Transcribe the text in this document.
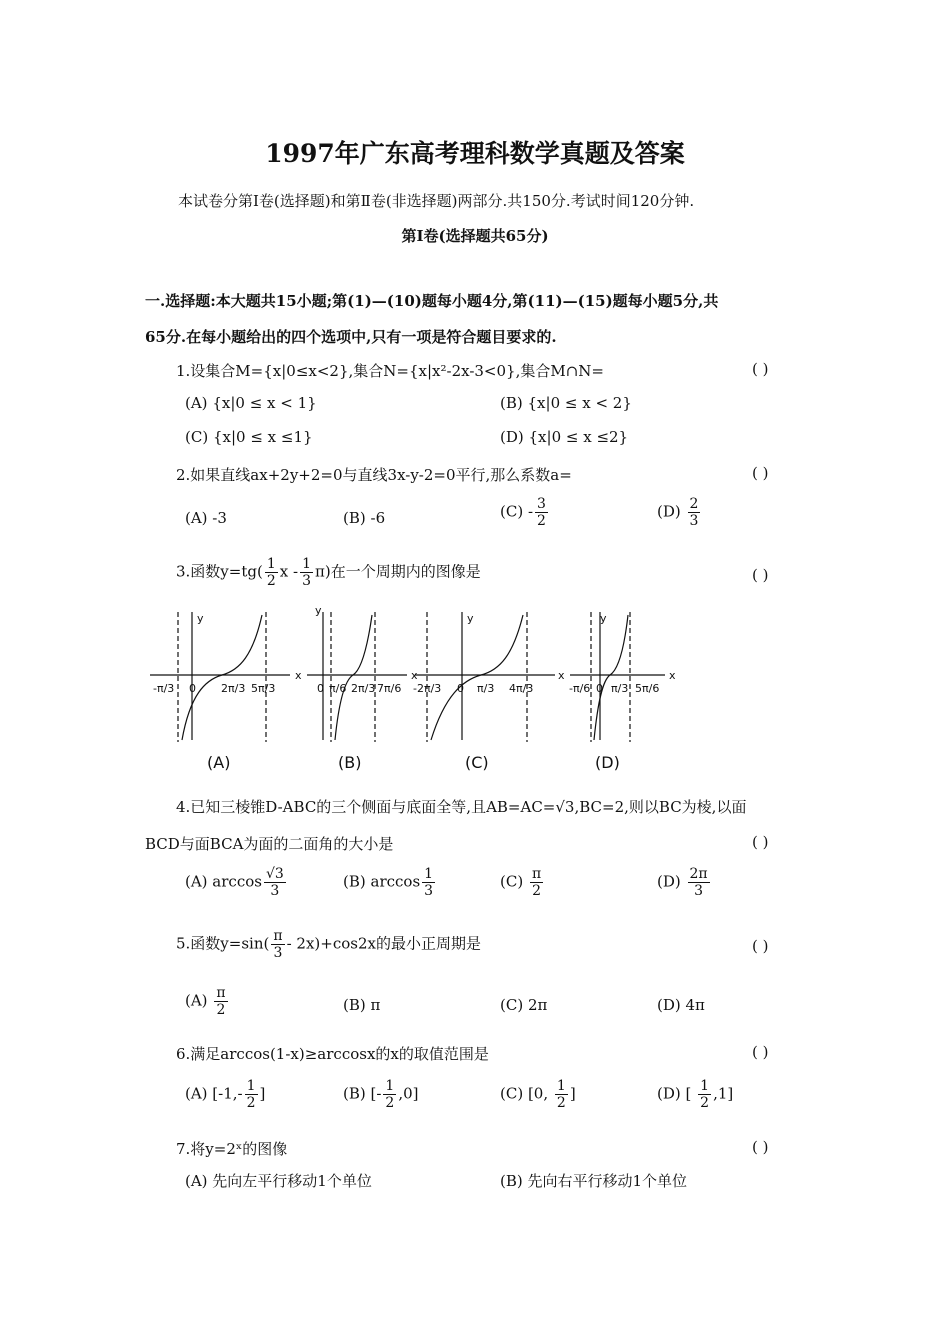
1997年广东高考理科数学真题及答案
本试卷分第Ⅰ卷(选择题)和第Ⅱ卷(非选择题)两部分.共150分.考试时间120分钟.
第Ⅰ卷(选择题共65分)
一.选择题:本大题共15小题;第(1)—(10)题每小题4分,第(11)—(15)题每小题5分,共
65分.在每小题给出的四个选项中,只有一项是符合题目要求的.
1.设集合M={x|0≤x<2},集合N={x|x²-2x-3<0},集合M∩N=	( )
(A) {x|0 ≤ x < 1}	(B) {x|0 ≤ x < 2}
(C) {x|0 ≤ x ≤1}	(D) {x|0 ≤ x ≤2}
2.如果直线ax+2y+2=0与直线3x-y-2=0平行,那么系数a=	( )
(A) -3	(B) -6	$(C) - \frac{3}{2}$	$(D) \frac{2}{3}$
3.函数$y=tg( \frac{1}{2}$ x - $\frac{1}{3} \pi$)在一个周期内的图像是	( )
x
y
-π/3 0 2π/3 5π/3
x
y
0 π/6 2π/3 7π/6
x
y
-2π/3 0 π/3 4π/3
x
y
-π/6 0 π/3 5π/6
(A)	(B)	(C)	(D)
4.已知三棱锥D-ABC的三个侧面与底面全等,且AB=AC=√3,BC=2,则以BC为棱,以面
BCD与面BCA为面的二面角的大小是	( )
(A) $\arccos \frac{√3}{3}$	(B) $\arccos \frac{1}{3}$	$(C) \frac{\pi}{2}$	$(D) \frac{2\pi}{3}$
5.函数$y=\sin( \frac{\pi}{3} - 2x)+\cos 2x$的最小正周期是	( )
$(A) \frac{\pi}{2}$	(B) π	(C) 2π	(D) 4π
6.满足arccos(1-x)≥arccosx的x的取值范围是	( )
(A) [$-1,- \frac{1}{2}$ ]	(B) [- $\frac{1}{2} ,0$]	(C) [0, $\frac{1}{2}$ ]	(D) [ $\frac{1}{2} ,1$]
7.将y=2ˣ的图像	( )
(A) 先向左平行移动1个单位	(B) 先向右平行移动1个单位
